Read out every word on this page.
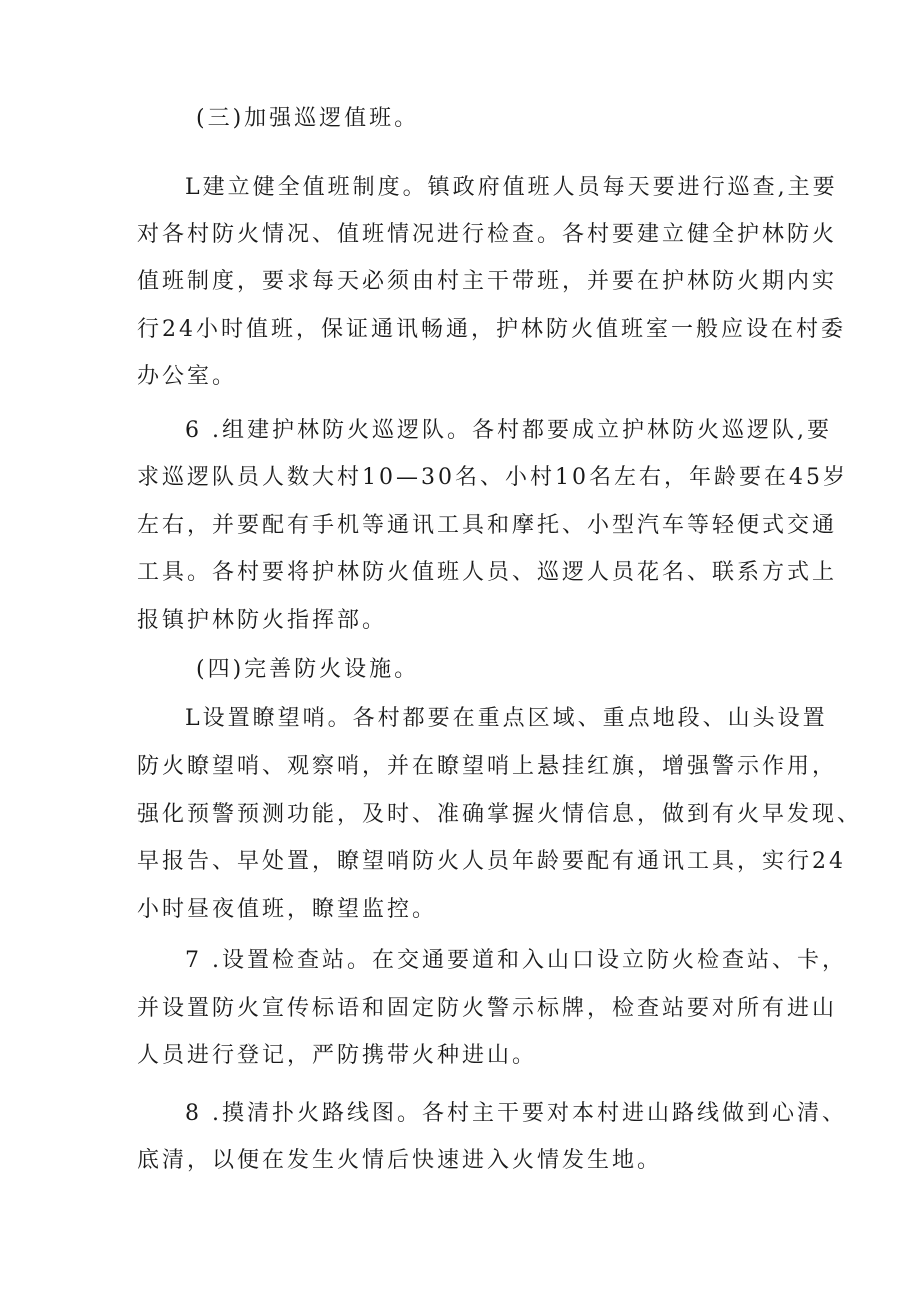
(三)加强巡逻值班。

L建立健全值班制度。镇政府值班人员每天要进行巡查,主要

对各村防火情况、值班情况进行检查。各村要建立健全护林防火

值班制度，要求每天必须由村主干带班，并要在护林防火期内实

行24小时值班，保证通讯畅通，护林防火值班室一般应设在村委

办公室。

6 .组建护林防火巡逻队。各村都要成立护林防火巡逻队,要

求巡逻队员人数大村10—30名、小村10名左右，年龄要在45岁

左右，并要配有手机等通讯工具和摩托、小型汽车等轻便式交通

工具。各村要将护林防火值班人员、巡逻人员花名、联系方式上

报镇护林防火指挥部。

(四)完善防火设施。

L设置瞭望哨。各村都要在重点区域、重点地段、山头设置

防火瞭望哨、观察哨，并在瞭望哨上悬挂红旗，增强警示作用，

强化预警预测功能，及时、准确掌握火情信息，做到有火早发现、

早报告、早处置，瞭望哨防火人员年龄要配有通讯工具，实行24

小时昼夜值班，瞭望监控。

7 .设置检查站。在交通要道和入山口设立防火检查站、卡，

并设置防火宣传标语和固定防火警示标牌，检查站要对所有进山

人员进行登记，严防携带火种进山。

8 .摸清扑火路线图。各村主干要对本村进山路线做到心清、

底清，以便在发生火情后快速进入火情发生地。
